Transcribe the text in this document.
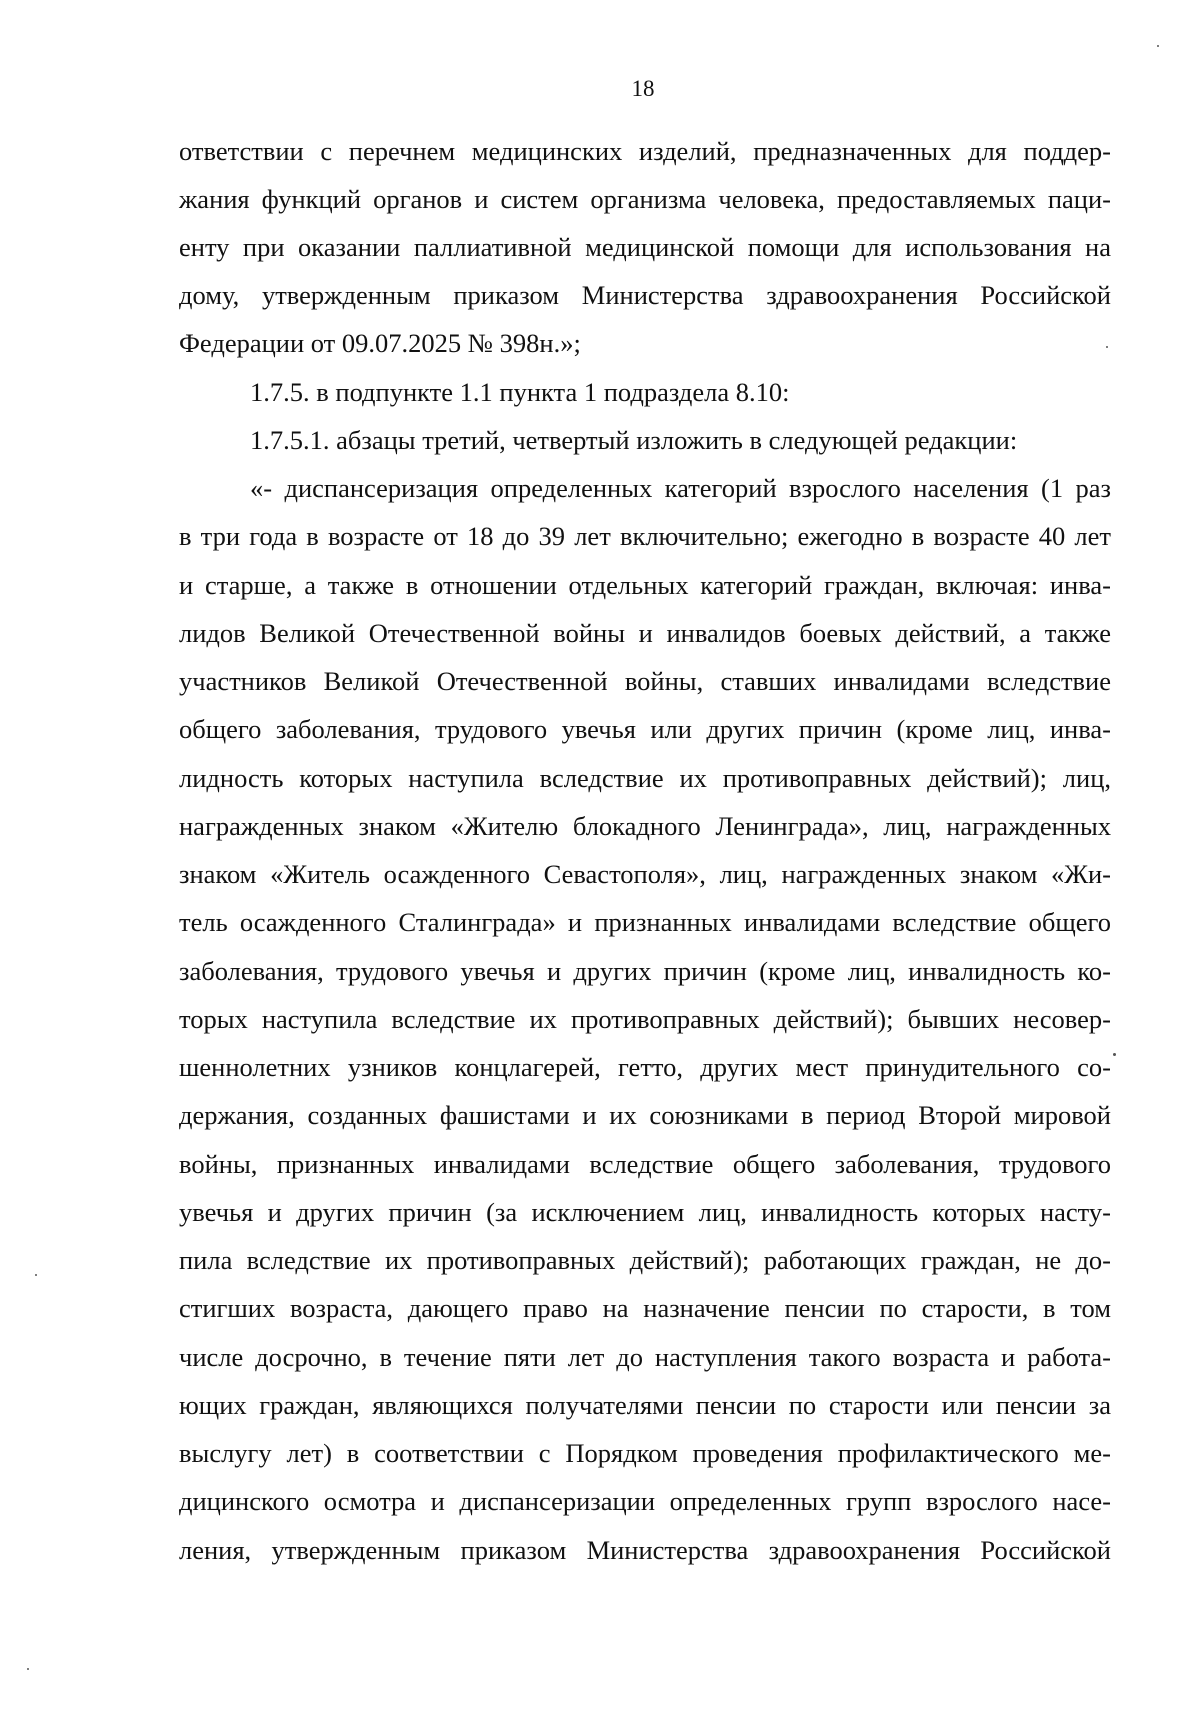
18
ответствии с перечнем медицинских изделий, предназначенных для поддер-
жания функций органов и систем организма человека, предоставляемых паци-
енту при оказании паллиативной медицинской помощи для использования на
дому, утвержденным приказом Министерства здравоохранения Российской
Федерации от 09.07.2025 № 398н.»;
1.7.5. в подпункте 1.1 пункта 1 подраздела 8.10:
1.7.5.1. абзацы третий, четвертый изложить в следующей редакции:
«- диспансеризация определенных категорий взрослого населения (1 раз
в три года в возрасте от 18 до 39 лет включительно; ежегодно в возрасте 40 лет
и старше, а также в отношении отдельных категорий граждан, включая: инва-
лидов Великой Отечественной войны и инвалидов боевых действий, а также
участников Великой Отечественной войны, ставших инвалидами вследствие
общего заболевания, трудового увечья или других причин (кроме лиц, инва-
лидность которых наступила вследствие их противоправных действий); лиц,
награжденных знаком «Жителю блокадного Ленинграда», лиц, награжденных
знаком «Житель осажденного Севастополя», лиц, награжденных знаком «Жи-
тель осажденного Сталинграда» и признанных инвалидами вследствие общего
заболевания, трудового увечья и других причин (кроме лиц, инвалидность ко-
торых наступила вследствие их противоправных действий); бывших несовер-
шеннолетних узников концлагерей, гетто, других мест принудительного со-
держания, созданных фашистами и их союзниками в период Второй мировой
войны, признанных инвалидами вследствие общего заболевания, трудового
увечья и других причин (за исключением лиц, инвалидность которых насту-
пила вследствие их противоправных действий); работающих граждан, не до-
стигших возраста, дающего право на назначение пенсии по старости, в том
числе досрочно, в течение пяти лет до наступления такого возраста и работа-
ющих граждан, являющихся получателями пенсии по старости или пенсии за
выслугу лет) в соответствии с Порядком проведения профилактического ме-
дицинского осмотра и диспансеризации определенных групп взрослого насе-
ления, утвержденным приказом Министерства здравоохранения Российской
